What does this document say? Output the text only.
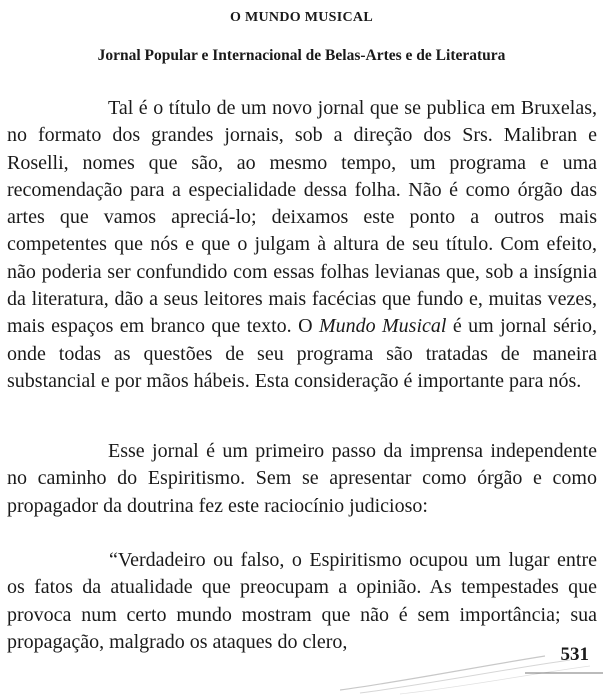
O MUNDO MUSICAL
Jornal Popular e Internacional de Belas-Artes e de Literatura
Tal é o título de um novo jornal que se publica em Bruxelas, no formato dos grandes jornais, sob a direção dos Srs. Malibran e Roselli, nomes que são, ao mesmo tempo, um programa e uma recomendação para a especialidade dessa folha. Não é como órgão das artes que vamos apreciá-lo; deixamos este ponto a outros mais competentes que nós e que o julgam à altura de seu título. Com efeito, não poderia ser confundido com essas folhas levianas que, sob a insígnia da literatura, dão a seus leitores mais facécias que fundo e, muitas vezes, mais espaços em branco que texto. O Mundo Musical é um jornal sério, onde todas as questões de seu programa são tratadas de maneira substancial e por mãos hábeis. Esta consideração é importante para nós.
Esse jornal é um primeiro passo da imprensa independente no caminho do Espiritismo. Sem se apresentar como órgão e como propagador da doutrina fez este raciocínio judicioso:
“Verdadeiro ou falso, o Espiritismo ocupou um lugar entre os fatos da atualidade que preocupam a opinião. As tempestades que provoca num certo mundo mostram que não é sem importância; sua propagação, malgrado os ataques do clero,
531
